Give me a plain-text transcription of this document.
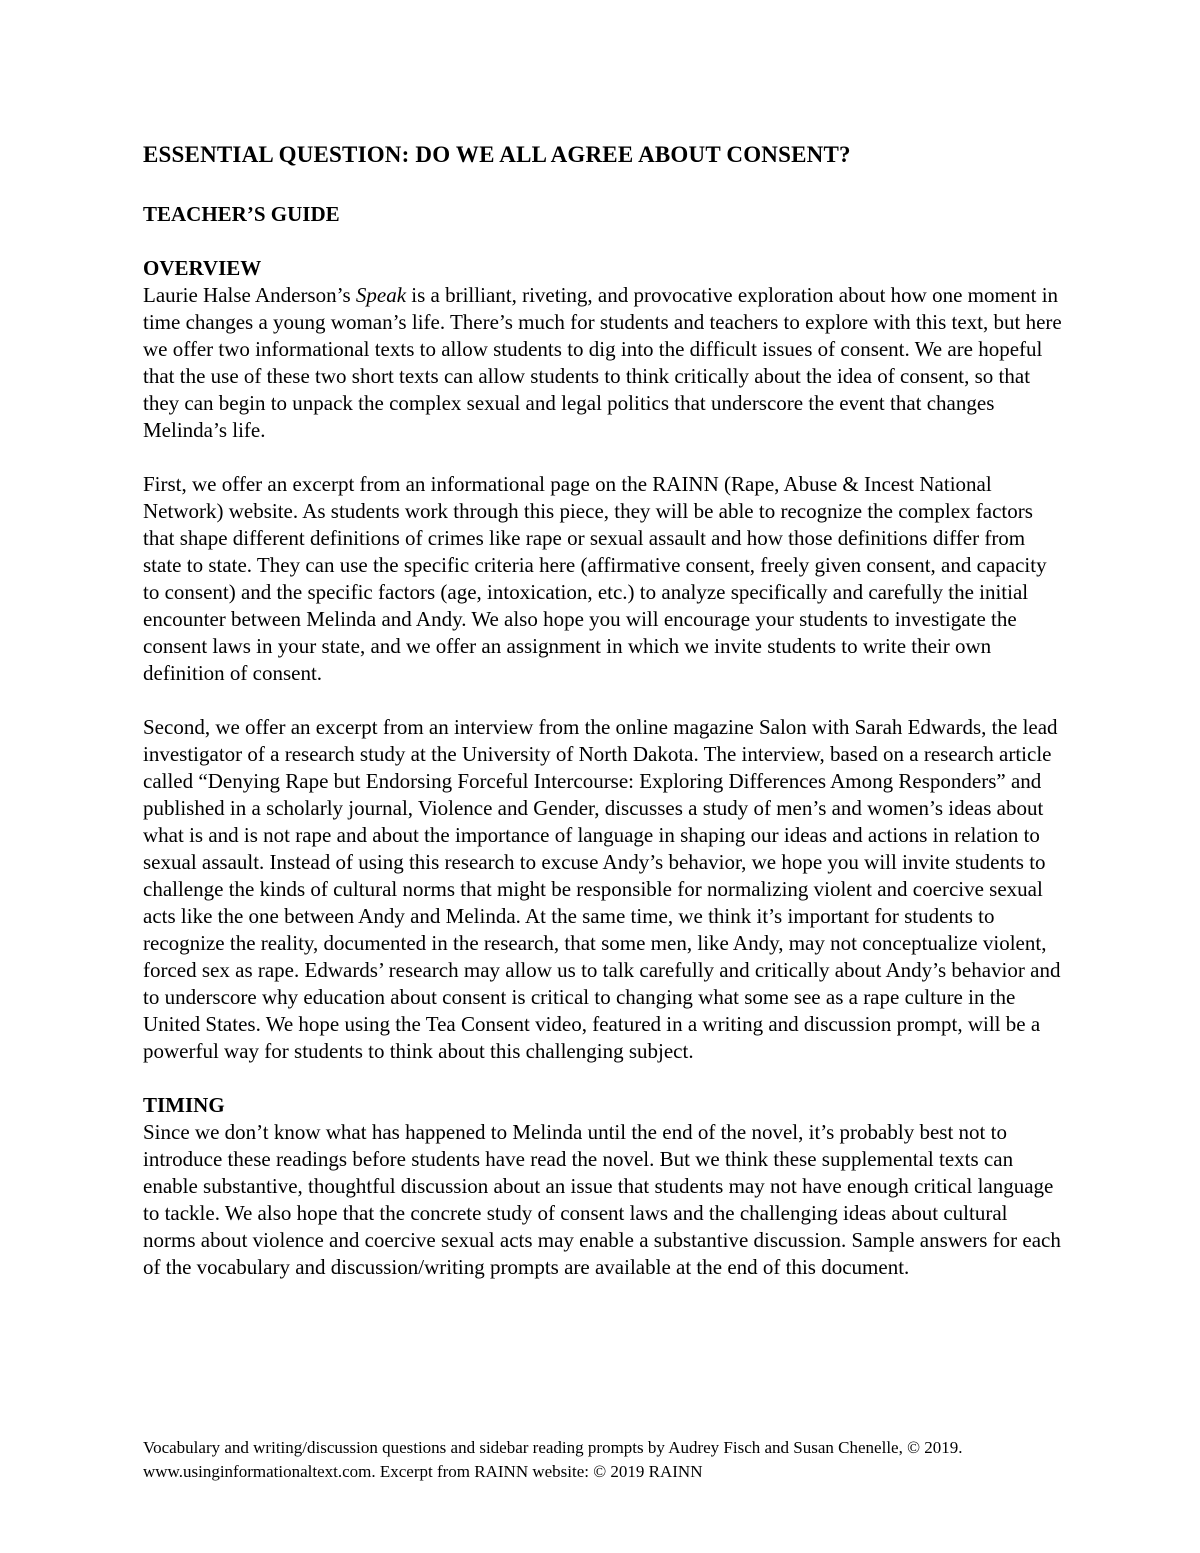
ESSENTIAL QUESTION: DO WE ALL AGREE ABOUT CONSENT?
TEACHER’S GUIDE
OVERVIEW

Laurie Halse Anderson’s Speak is a brilliant, riveting, and provocative exploration about how one moment in time changes a young woman’s life. There’s much for students and teachers to explore with this text, but here we offer two informational texts to allow students to dig into the difficult issues of consent. We are hopeful that the use of these two short texts can allow students to think critically about the idea of consent, so that they can begin to unpack the complex sexual and legal politics that underscore the event that changes Melinda’s life.

First, we offer an excerpt from an informational page on the RAINN (Rape, Abuse & Incest National Network) website. As students work through this piece, they will be able to recognize the complex factors that shape different definitions of crimes like rape or sexual assault and how those definitions differ from state to state. They can use the specific criteria here (affirmative consent, freely given consent, and capacity to consent) and the specific factors (age, intoxication, etc.) to analyze specifically and carefully the initial encounter between Melinda and Andy. We also hope you will encourage your students to investigate the consent laws in your state, and we offer an assignment in which we invite students to write their own definition of consent.

Second, we offer an excerpt from an interview from the online magazine Salon with Sarah Edwards, the lead investigator of a research study at the University of North Dakota. The interview, based on a research article called “Denying Rape but Endorsing Forceful Intercourse: Exploring Differences Among Responders” and published in a scholarly journal, Violence and Gender, discusses a study of men’s and women’s ideas about what is and is not rape and about the importance of language in shaping our ideas and actions in relation to sexual assault. Instead of using this research to excuse Andy’s behavior, we hope you will invite students to challenge the kinds of cultural norms that might be responsible for normalizing violent and coercive sexual acts like the one between Andy and Melinda. At the same time, we think it’s important for students to recognize the reality, documented in the research, that some men, like Andy, may not conceptualize violent, forced sex as rape. Edwards’ research may allow us to talk carefully and critically about Andy’s behavior and to underscore why education about consent is critical to changing what some see as a rape culture in the United States. We hope using the Tea Consent video, featured in a writing and discussion prompt, will be a powerful way for students to think about this challenging subject.

TIMING

Since we don’t know what has happened to Melinda until the end of the novel, it’s probably best not to introduce these readings before students have read the novel. But we think these supplemental texts can enable substantive, thoughtful discussion about an issue that students may not have enough critical language to tackle. We also hope that the concrete study of consent laws and the challenging ideas about cultural norms about violence and coercive sexual acts may enable a substantive discussion. Sample answers for each of the vocabulary and discussion/writing prompts are available at the end of this document.

Vocabulary and writing/discussion questions and sidebar reading prompts by Audrey Fisch and Susan Chenelle, © 2019. www.usinginformationaltext.com. Excerpt from RAINN website: © 2019 RAINN
